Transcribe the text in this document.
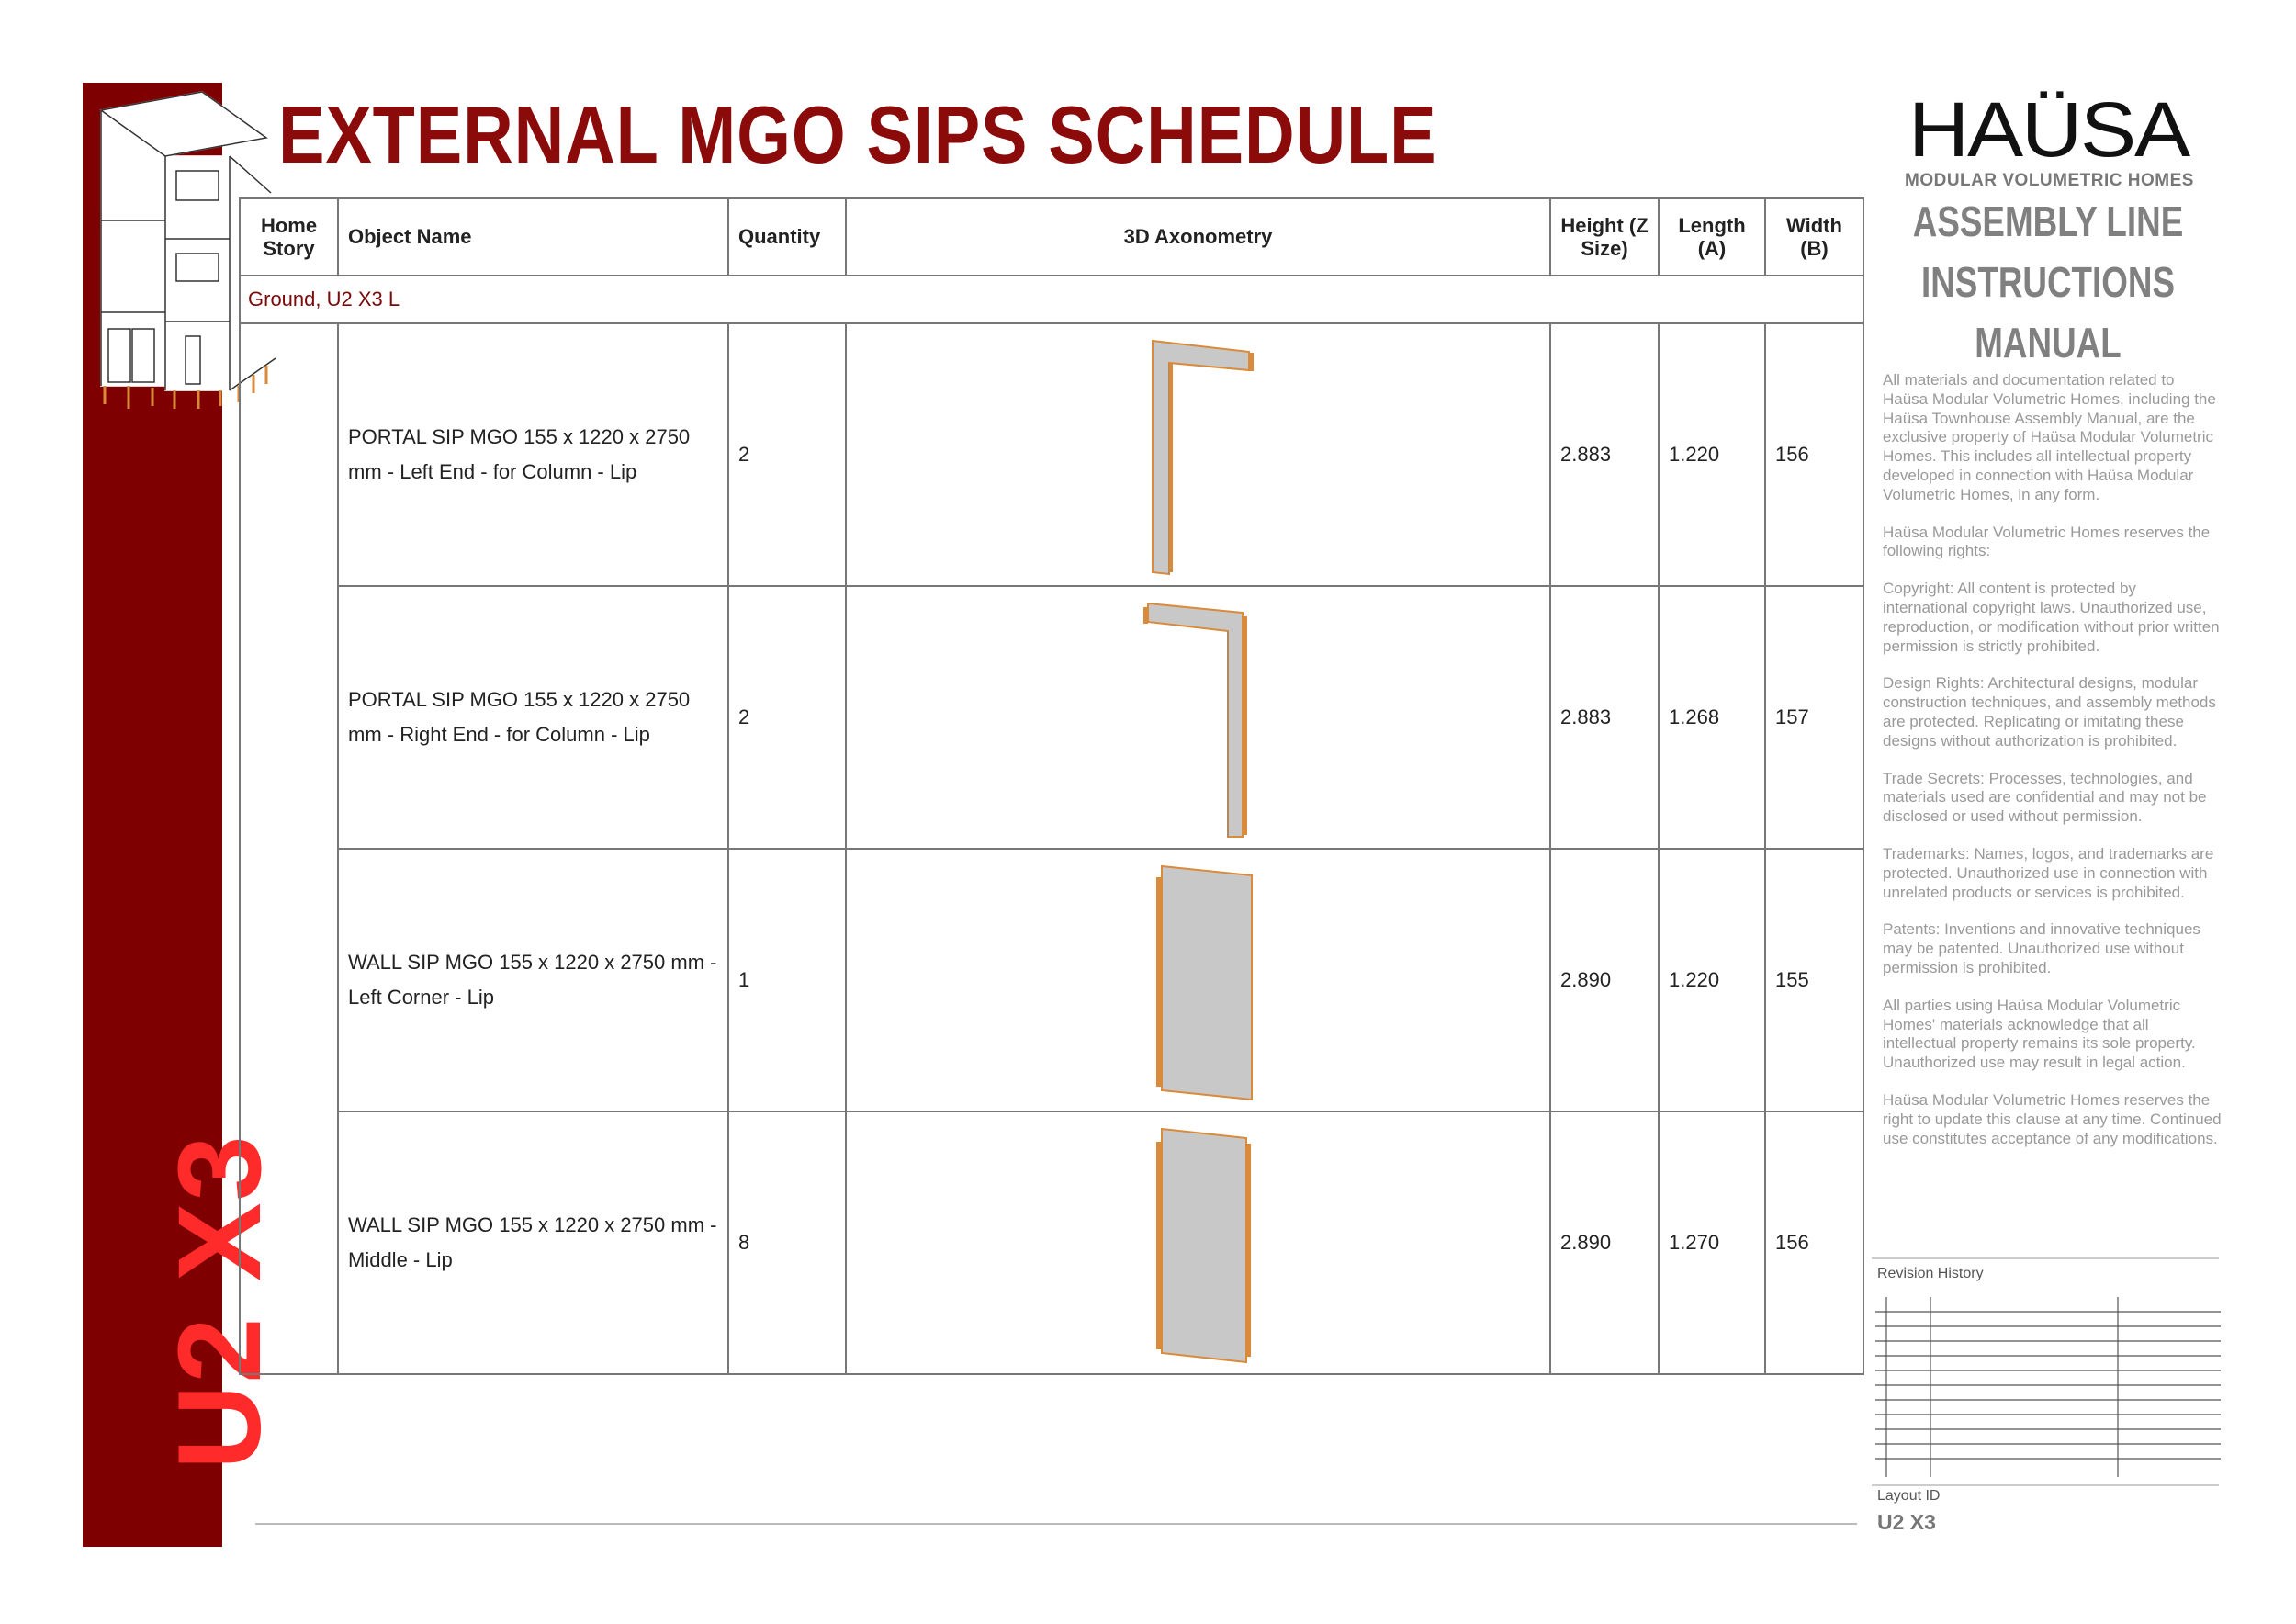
U2 X3
EXTERNAL MGO SIPS SCHEDULE
Home Story	Object Name	Quantity	3D Axonometry	Height (Z Size)	Length (A)	Width (B)
Ground, U2 X3 L						
	PORTAL SIP MGO 155 x 1220 x 2750 mm - Left End - for Column - Lip	2		2.883	1.220	156
	PORTAL SIP MGO 155 x 1220 x 2750 mm - Right End - for Column - Lip	2		2.883	1.268	157
	WALL SIP MGO 155 x 1220 x 2750 mm - Left Corner - Lip	1		2.890	1.220	155
	WALL SIP MGO 155 x 1220 x 2750 mm - Middle - Lip	8		2.890	1.270	156
HAÜSA
MODULAR VOLUMETRIC HOMES
ASSEMBLY LINE
INSTRUCTIONS
MANUAL

All materials and documentation related to Haüsa Modular Volumetric Homes, including the Haüsa Townhouse Assembly Manual, are the exclusive property of Haüsa Modular Volumetric Homes. This includes all intellectual property developed in connection with Haüsa Modular Volumetric Homes, in any form.

Haüsa Modular Volumetric Homes reserves the following rights:

Copyright: All content is protected by international copyright laws. Unauthorized use, reproduction, or modification without prior written permission is strictly prohibited.

Design Rights: Architectural designs, modular construction techniques, and assembly methods are protected. Replicating or imitating these designs without authorization is prohibited.

Trade Secrets: Processes, technologies, and materials used are confidential and may not be disclosed or used without permission.

Trademarks: Names, logos, and trademarks are protected. Unauthorized use in connection with unrelated products or services is prohibited.

Patents: Inventions and innovative techniques may be patented. Unauthorized use without permission is prohibited.

All parties using Haüsa Modular Volumetric Homes' materials acknowledge that all intellectual property remains its sole property. Unauthorized use may result in legal action.

Haüsa Modular Volumetric Homes reserves the right to update this clause at any time. Continued use constitutes acceptance of any modifications.

Revision History
Layout ID
U2 X3
